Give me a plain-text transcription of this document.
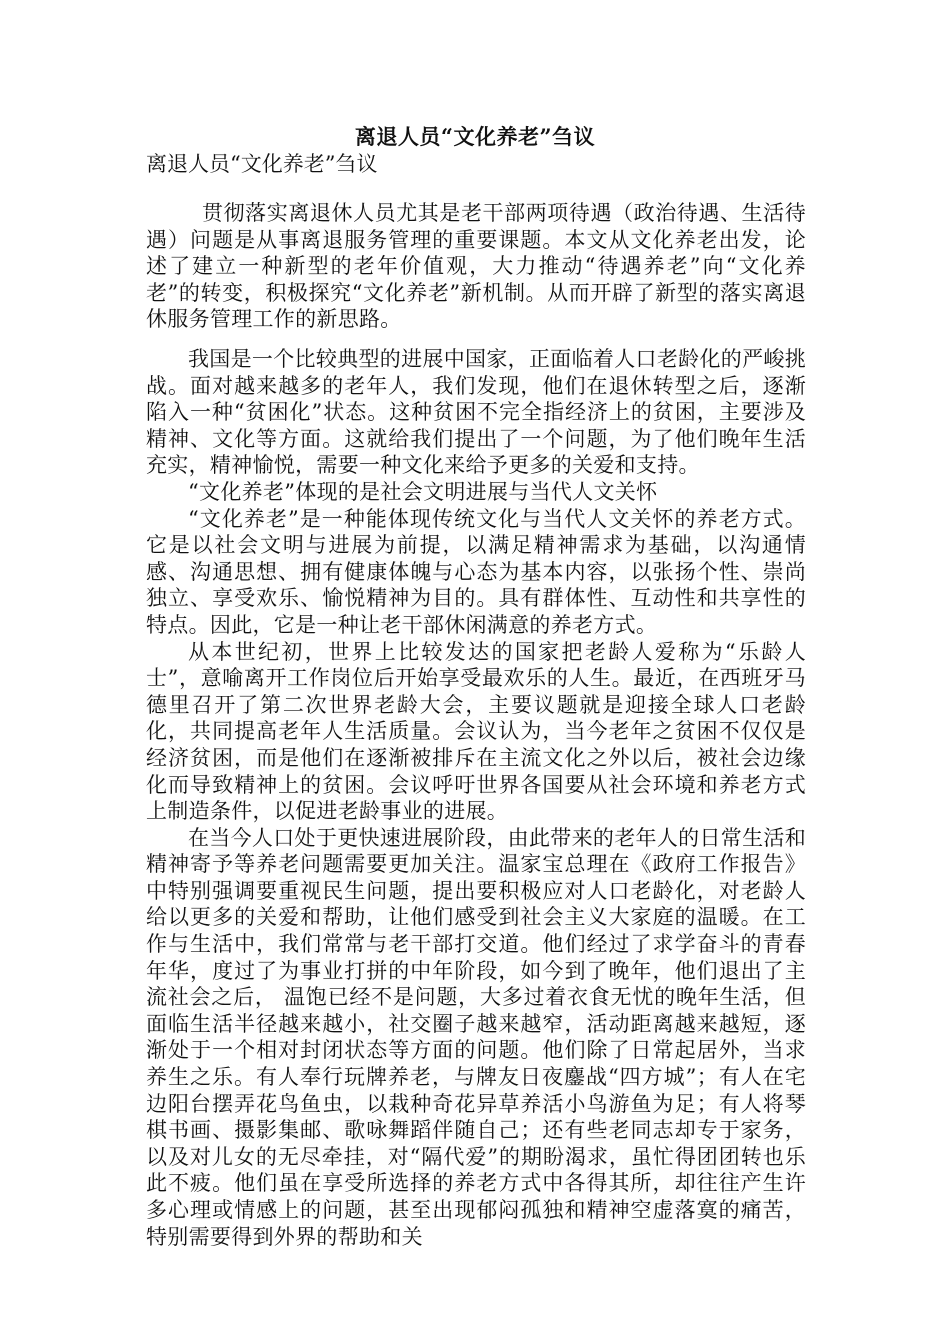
离退人员“文化养老”刍议
离退人员“文化养老”刍议

贯彻落实离退休人员尤其是老干部两项待遇（政治待遇、生活待遇）问题是从事离退服务管理的重要课题。本文从文化养老出发，论述了建立一种新型的老年价值观，大力推动“待遇养老”向“文化养老”的转变，积极探究“文化养老”新机制。从而开辟了新型的落实离退休服务管理工作的新思路。

我国是一个比较典型的进展中国家，正面临着人口老龄化的严峻挑战。面对越来越多的老年人，我们发现，他们在退休转型之后，逐渐陷入一种“贫困化”状态。这种贫困不完全指经济上的贫困，主要涉及精神、文化等方面。这就给我们提出了一个问题，为了他们晚年生活充实，精神愉悦，需要一种文化来给予更多的关爱和支持。

“文化养老”体现的是社会文明进展与当代人文关怀

“文化养老”是一种能体现传统文化与当代人文关怀的养老方式。它是以社会文明与进展为前提，以满足精神需求为基础，以沟通情感、沟通思想、拥有健康体魄与心态为基本内容，以张扬个性、崇尚独立、享受欢乐、愉悦精神为目的。具有群体性、互动性和共享性的特点。因此，它是一种让老干部休闲满意的养老方式。

从本世纪初，世界上比较发达的国家把老龄人爱称为“乐龄人士”，意喻离开工作岗位后开始享受最欢乐的人生。最近，在西班牙马德里召开了第二次世界老龄大会，主要议题就是迎接全球人口老龄化，共同提高老年人生活质量。会议认为，当今老年之贫困不仅仅是经济贫困，而是他们在逐渐被排斥在主流文化之外以后，被社会边缘化而导致精神上的贫困。会议呼吁世界各国要从社会环境和养老方式上制造条件，以促进老龄事业的进展。

在当今人口处于更快速进展阶段，由此带来的老年人的日常生活和精神寄予等养老问题需要更加关注。温家宝总理在《政府工作报告》中特别强调要重视民生问题，提出要积极应对人口老龄化，对老龄人给以更多的关爱和帮助，让他们感受到社会主义大家庭的温暖。在工作与生活中，我们常常与老干部打交道。他们经过了求学奋斗的青春年华，度过了为事业打拼的中年阶段，如今到了晚年，他们退出了主流社会之后， 温饱已经不是问题，大多过着衣食无忧的晚年生活，但面临生活半径越来越小，社交圈子越来越窄，活动距离越来越短，逐渐处于一个相对封闭状态等方面的问题。他们除了日常起居外，当求养生之乐。有人奉行玩牌养老，与牌友日夜鏖战“四方城”；有人在宅边阳台摆弄花鸟鱼虫，以栽种奇花异草养活小鸟游鱼为足；有人将琴棋书画、摄影集邮、歌咏舞蹈伴随自己；还有些老同志却专于家务，以及对儿女的无尽牵挂，对“隔代爱”的期盼渴求，虽忙得团团转也乐此不疲。他们虽在享受所选择的养老方式中各得其所，却往往产生许多心理或情感上的问题，甚至出现郁闷孤独和精神空虚落寞的痛苦，特别需要得到外界的帮助和关
